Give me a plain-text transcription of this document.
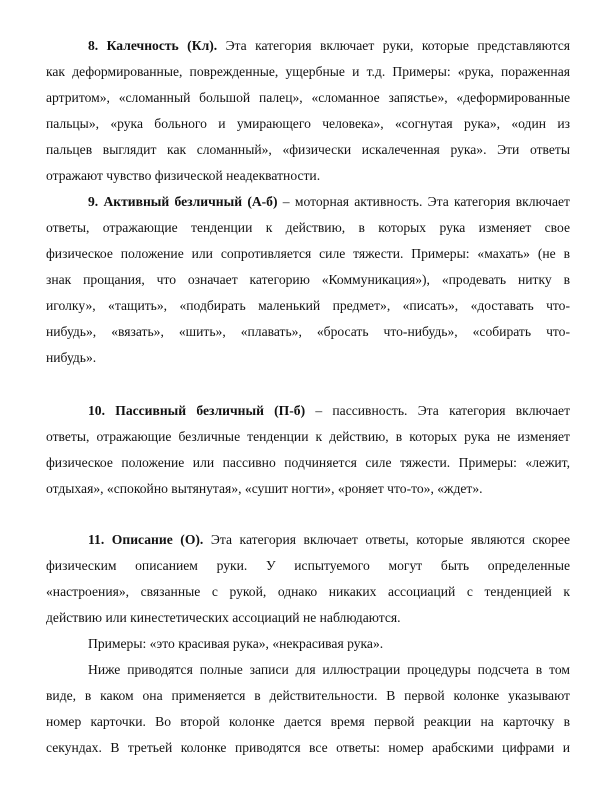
8. Калечность (Кл). Эта категория включает руки, которые представляются
как деформированные, поврежденные, ущербные и т.д. Примеры: «рука, пораженная
артритом», «сломанный большой палец», «сломанное запястье», «деформированные
пальцы», «рука больного и умирающего человека», «согнутая рука», «один из
пальцев выглядит как сломанный», «физически искалеченная рука». Эти ответы
отражают чувство физической неадекватности.

9. Активный безличный (А-б) – моторная активность. Эта категория включает
ответы, отражающие тенденции к действию, в которых рука изменяет свое
физическое положение или сопротивляется силе тяжести. Примеры: «махать» (не в
знак прощания, что означает категорию «Коммуникация»), «продевать нитку в
иголку», «тащить», «подбирать маленький предмет», «писать», «доставать что-
нибудь», «вязать», «шить», «плавать», «бросать что-нибудь», «собирать что-
нибудь».

10. Пассивный безличный (П-б) – пассивность. Эта категория включает
ответы, отражающие безличные тенденции к действию, в которых рука не изменяет
физическое положение или пассивно подчиняется силе тяжести. Примеры: «лежит,
отдыхая», «спокойно вытянутая», «сушит ногти», «роняет что-то», «ждет».

11. Описание (О). Эта категория включает ответы, которые являются скорее
физическим описанием руки. У испытуемого могут быть определенные
«настроения», связанные с рукой, однако никаких ассоциаций с тенденцией к
действию или кинестетических ассоциаций не наблюдаются.

Примеры: «это красивая рука», «некрасивая рука».

Ниже приводятся полные записи для иллюстрации процедуры подсчета в том
виде, в каком она применяется в действительности. В первой колонке указывают
номер карточки. Во второй колонке дается время первой реакции на карточку в
секундах. В третьей колонке приводятся все ответы: номер арабскими цифрами и
